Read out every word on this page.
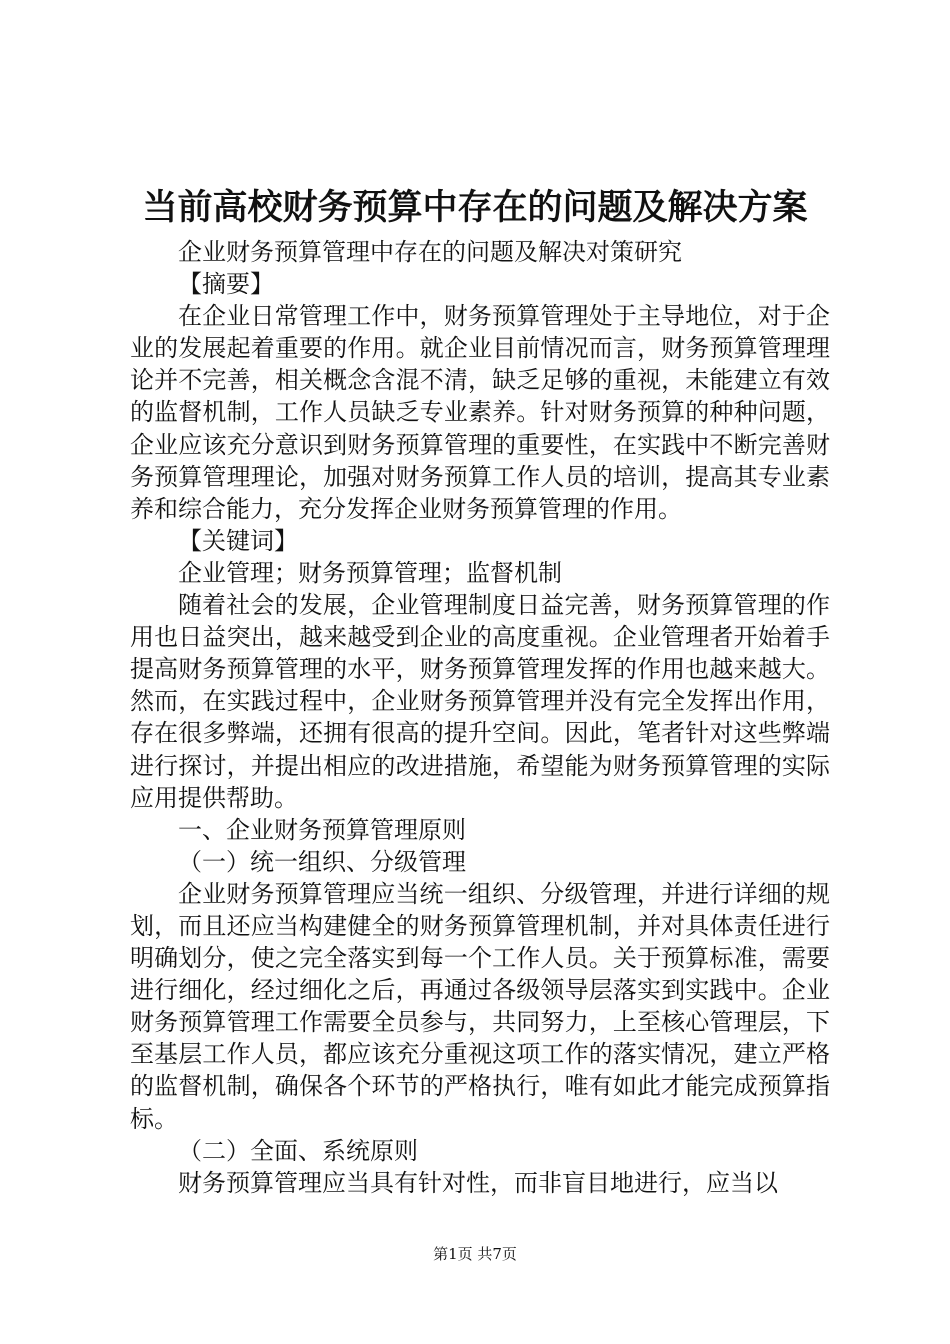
当前高校财务预算中存在的问题及解决方案

企业财务预算管理中存在的问题及解决对策研究

【摘要】

在企业日常管理工作中，财务预算管理处于主导地位，对于企业的发展起着重要的作用。就企业目前情况而言，财务预算管理理论并不完善，相关概念含混不清，缺乏足够的重视，未能建立有效的监督机制，工作人员缺乏专业素养。针对财务预算的种种问题，企业应该充分意识到财务预算管理的重要性，在实践中不断完善财务预算管理理论，加强对财务预算工作人员的培训，提高其专业素养和综合能力，充分发挥企业财务预算管理的作用。

【关键词】

企业管理；财务预算管理；监督机制

随着社会的发展，企业管理制度日益完善，财务预算管理的作用也日益突出，越来越受到企业的高度重视。企业管理者开始着手提高财务预算管理的水平，财务预算管理发挥的作用也越来越大。然而，在实践过程中，企业财务预算管理并没有完全发挥出作用，存在很多弊端，还拥有很高的提升空间。因此，笔者针对这些弊端进行探讨，并提出相应的改进措施，希望能为财务预算管理的实际应用提供帮助。

一、企业财务预算管理原则

（一）统一组织、分级管理

企业财务预算管理应当统一组织、分级管理，并进行详细的规划，而且还应当构建健全的财务预算管理机制，并对具体责任进行明确划分，使之完全落实到每一个工作人员。关于预算标准，需要进行细化，经过细化之后，再通过各级领导层落实到实践中。企业财务预算管理工作需要全员参与，共同努力，上至核心管理层，下至基层工作人员，都应该充分重视这项工作的落实情况，建立严格的监督机制，确保各个环节的严格执行，唯有如此才能完成预算指标。

（二）全面、系统原则

财务预算管理应当具有针对性，而非盲目地进行，应当以

第1页 共7页
